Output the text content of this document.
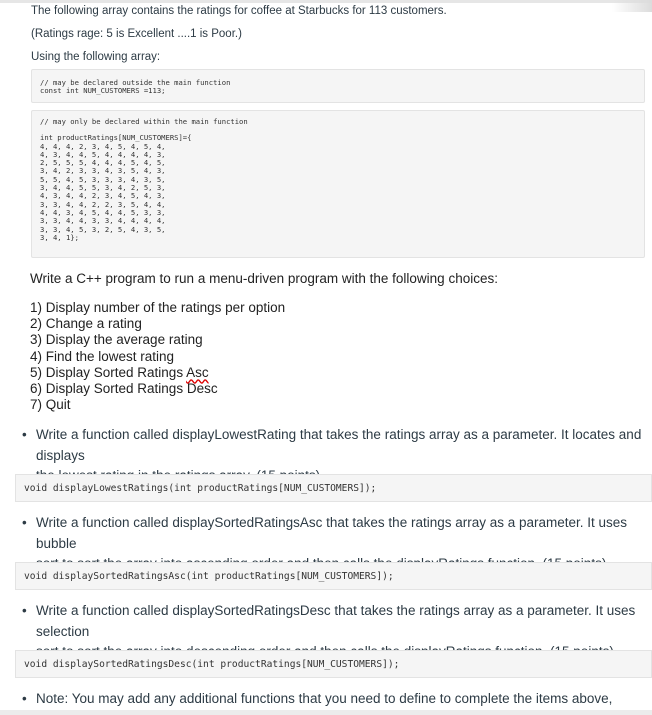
The following array contains the ratings for coffee at Starbucks for 113 customers.
(Ratings rage: 5 is Excellent ....1 is Poor.)
Using the following array:
// may be declared outside the main function
const int NUM_CUSTOMERS =113;
// may only be declared within the main function
int productRatings[NUM_CUSTOMERS]={
4, 4, 4, 2, 3, 4, 5, 4, 5, 4,
4, 3, 4, 4, 5, 4, 4, 4, 4, 3,
2, 5, 5, 5, 4, 4, 4, 5, 4, 5,
3, 4, 2, 3, 3, 4, 3, 5, 4, 3,
5, 5, 4, 5, 3, 3, 3, 4, 3, 5,
3, 4, 4, 5, 5, 3, 4, 2, 5, 3,
4, 3, 4, 4, 2, 3, 4, 5, 4, 3,
3, 3, 4, 4, 2, 2, 3, 5, 4, 4,
4, 4, 3, 4, 5, 4, 4, 5, 3, 3,
3, 3, 4, 4, 3, 3, 4, 4, 4, 4,
3, 3, 4, 5, 3, 2, 5, 4, 3, 5,
3, 4, 1};
Write a C++ program to run a menu-driven program with the following choices:
1) Display number of the ratings per option
2) Change a rating
3) Display the average rating
4) Find the lowest rating
5) Display Sorted Ratings Asc
6) Display Sorted Ratings Desc
7) Quit
• Write a function called displayLowestRating that takes the ratings array as a parameter. It locates and displays
void displayLowestRatings(int productRatings[NUM_CUSTOMERS]);
• Write a function called displaySortedRatingsAsc that takes the ratings array as a parameter. It uses bubble
void displaySortedRatingsAsc(int productRatings[NUM_CUSTOMERS]);
• Write a function called displaySortedRatingsDesc that takes the ratings array as a parameter. It uses selection
void displaySortedRatingsDesc(int productRatings[NUM_CUSTOMERS]);
• Note: You may add any additional functions that you need to define to complete the items above,
